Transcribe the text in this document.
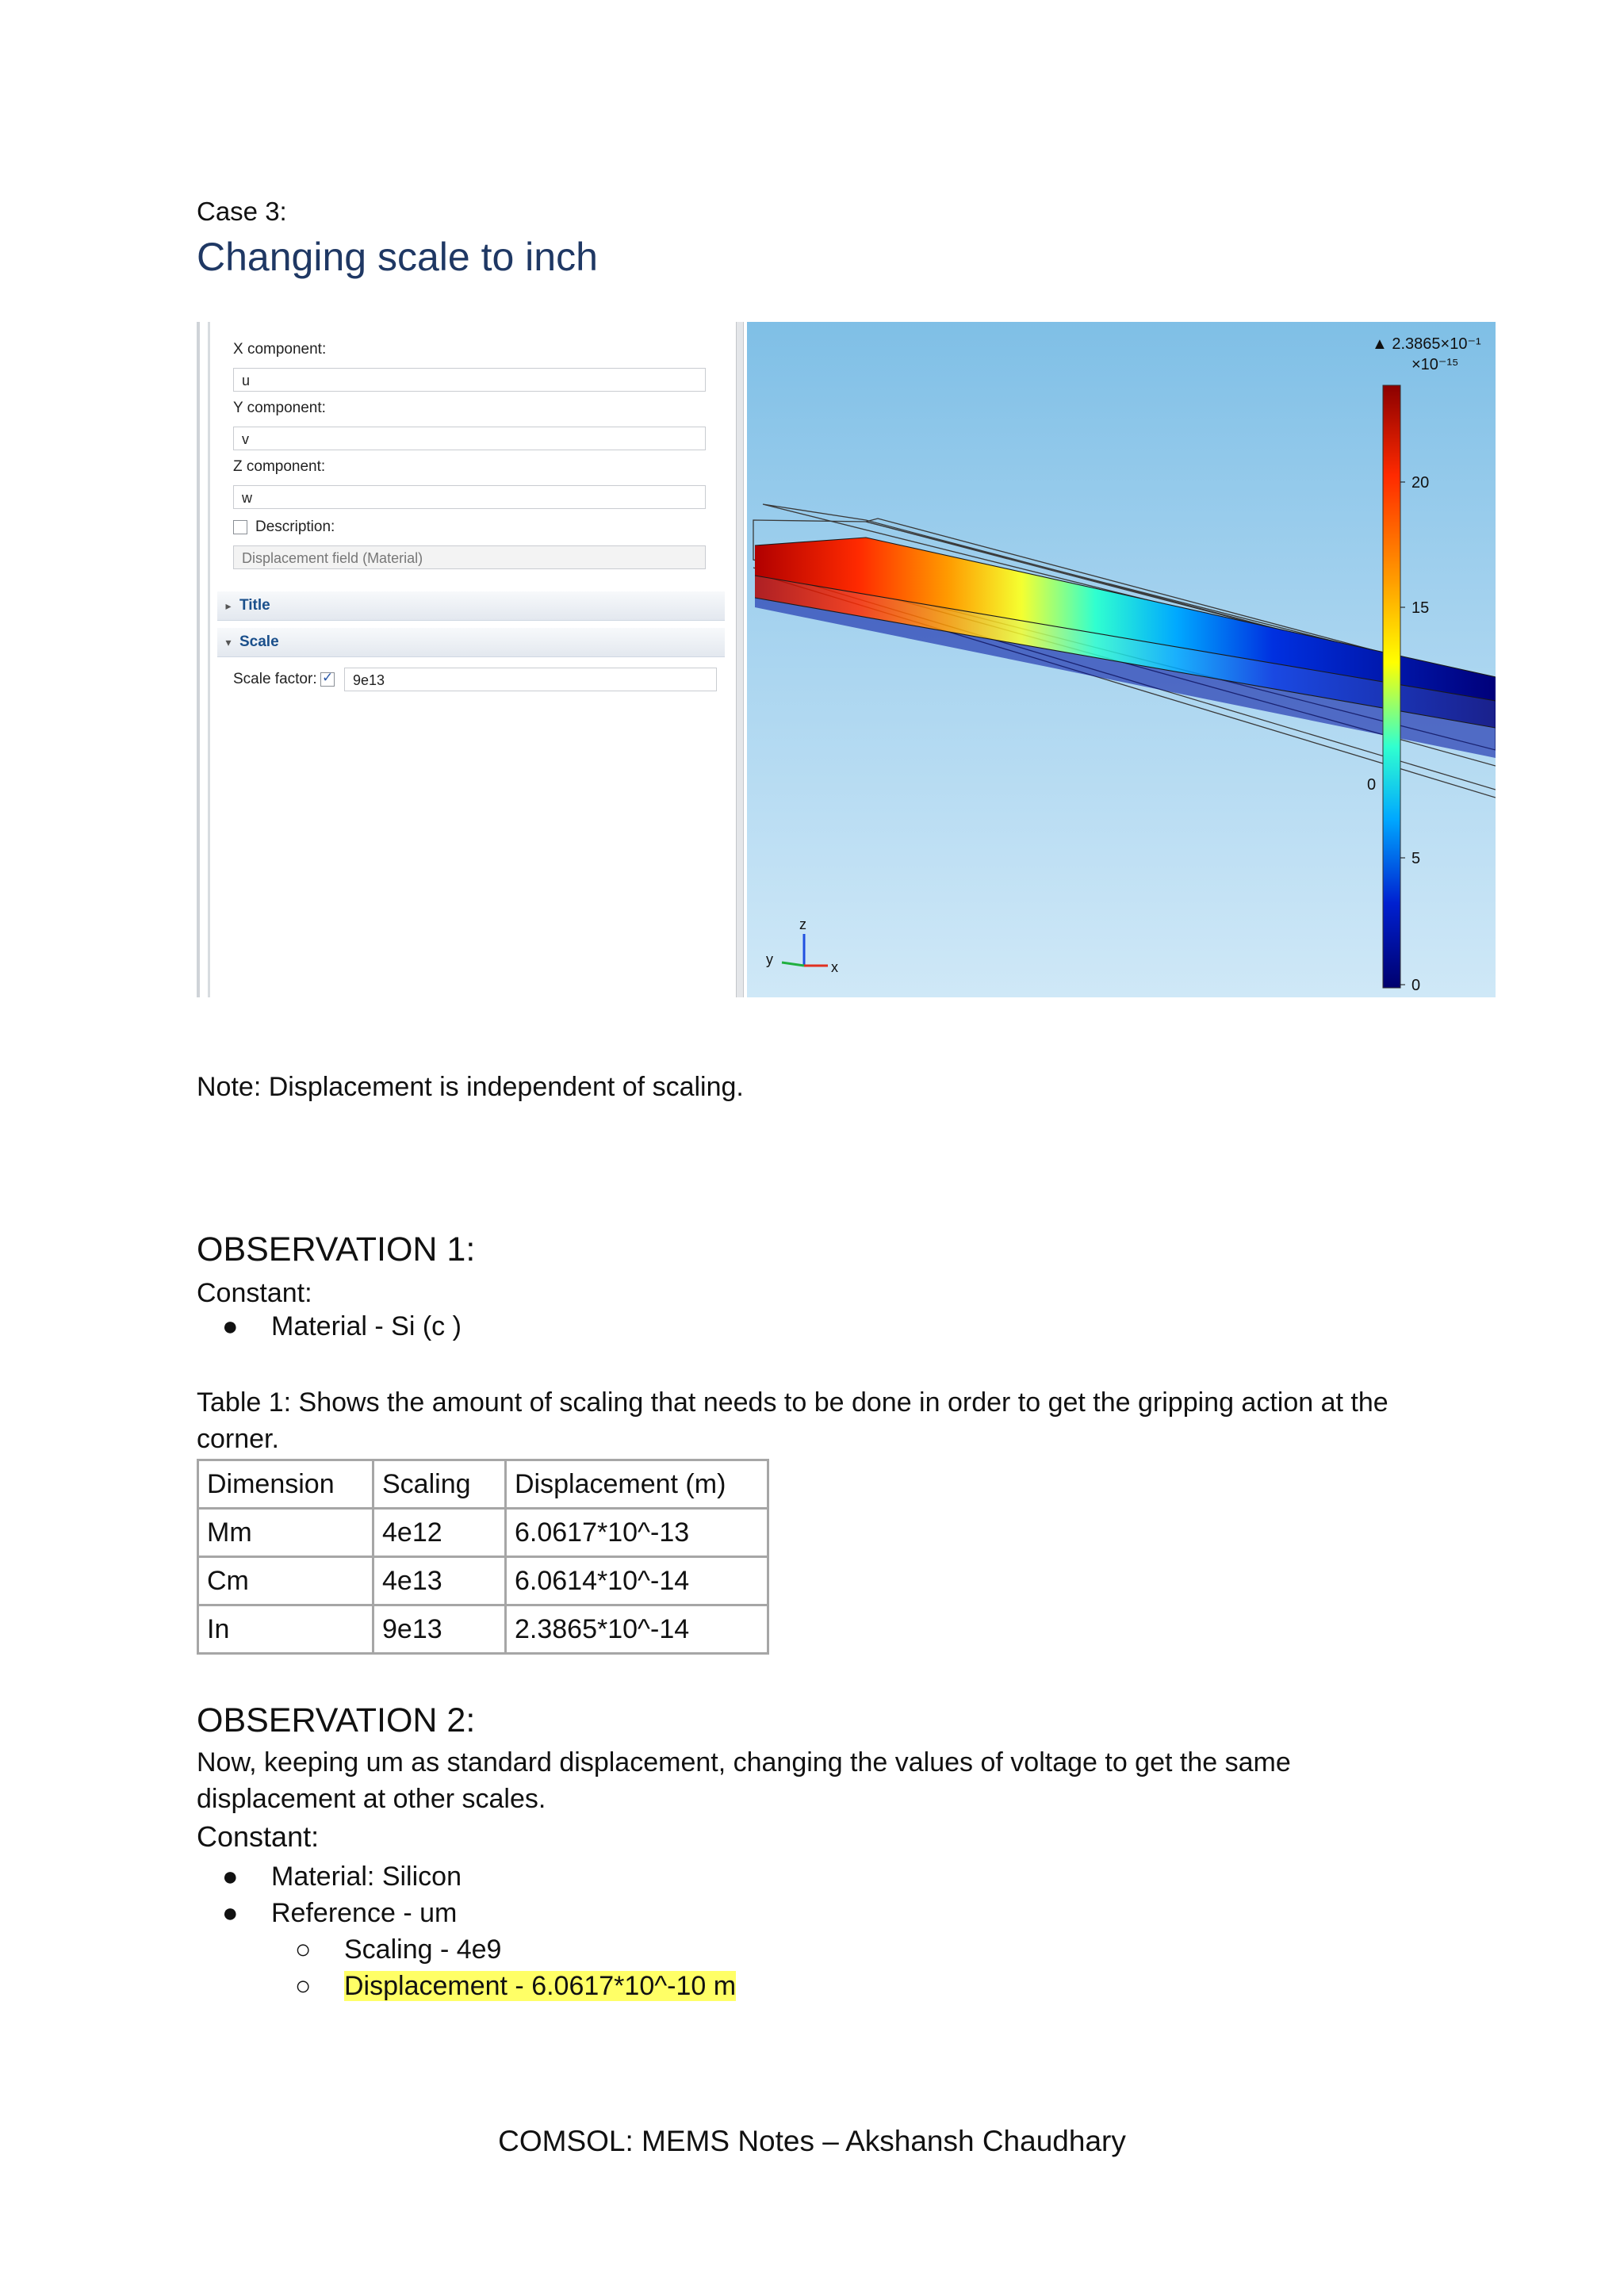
Case 3:
Changing scale to inch
X component:
u
Y component:
v
Z component:
w
Description:
Displacement field (Material)
▸ Title
▾ Scale
Scale factor: ✓	9e13
▲ 2.3865×10⁻¹
×10⁻¹⁵
20
15
5
0
0
z
y	x
Note: Displacement is independent of scaling.
OBSERVATION 1:
Constant:
● Material - Si (c )
Table 1: Shows the amount of scaling that needs to be done in order to get the gripping action at the
corner.
Dimension	Scaling	Displacement (m)
Mm	4e12	6.0617*10^-13
Cm	4e13	6.0614*10^-14
In	9e13	2.3865*10^-14
OBSERVATION 2:
Now, keeping um as standard displacement, changing the values of voltage to get the same
displacement at other scales.
Constant:
● Material: Silicon
● Reference - um
○ Scaling - 4e9
○ Displacement - 6.0617*10^-10 m
COMSOL: MEMS Notes – Akshansh Chaudhary
